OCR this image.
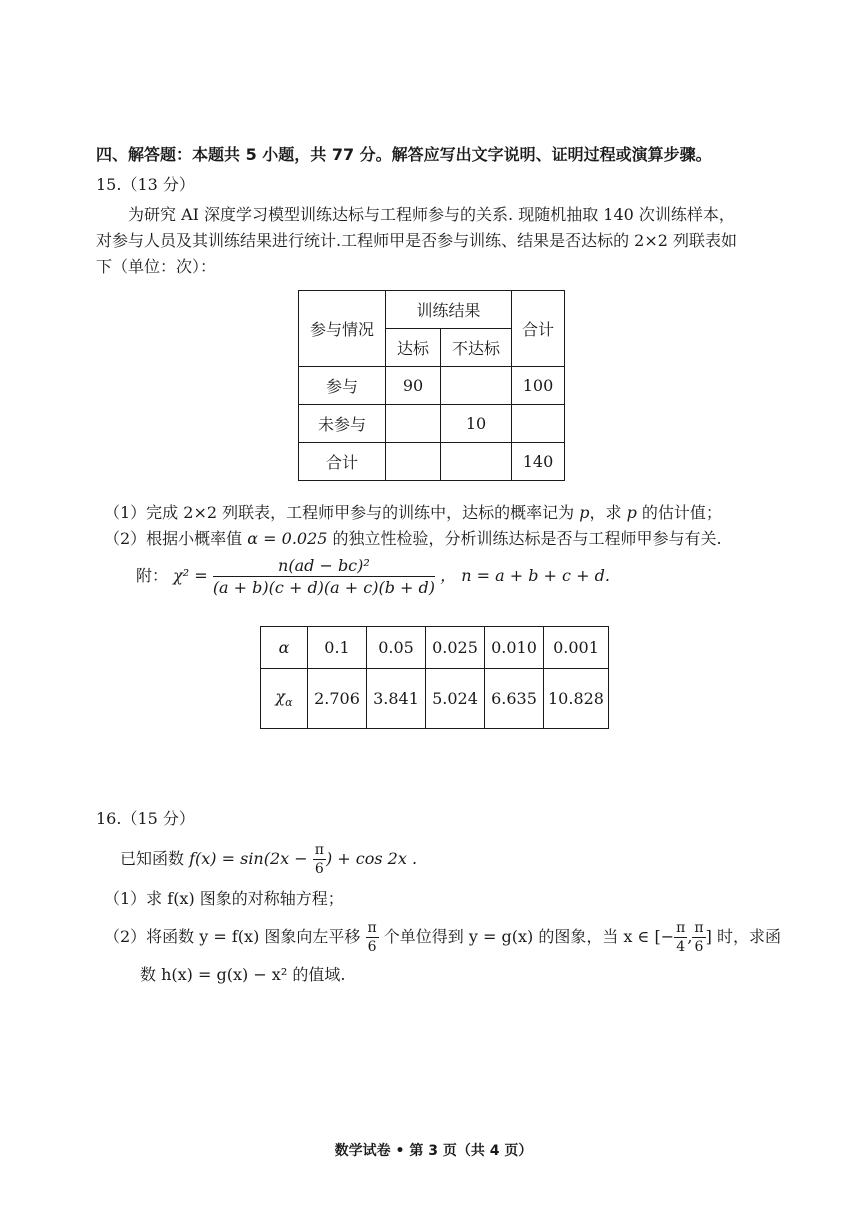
四、解答题：本题共 5 小题，共 77 分。解答应写出文字说明、证明过程或演算步骤。
15.（13 分）
为研究 AI 深度学习模型训练达标与工程师参与的关系. 现随机抽取 140 次训练样本，
对参与人员及其训练结果进行统计.工程师甲是否参与训练、结果是否达标的 2×2 列联表如
下（单位：次）：
参与情况	训练结果		合计
	达标	不达标	
参与	90		100
未参与		10	
合计			140
（1）完成 2×2 列联表，工程师甲参与的训练中，达标的概率记为 p，求 p 的估计值；
（2）根据小概率值 α = 0.025 的独立性检验，分析训练达标是否与工程师甲参与有关.
附： $\chi^2 = \frac{\text{n(ad − bc)²}}{(a + b)(c + d)(a + c)(b + d)}$ ， n = a + b + c + d.
α	0.1	0.05	0.025	0.010	0.001
$\chi_\alpha$	2.706	3.841	5.024	6.635	10.828
16.（15 分）
已知函数 $f(x) = \sin(2x - \frac{\pi}{6}$ ) + cos 2x .
（1）求 f(x) 图象的对称轴方程；
（2）将函数 y = f(x) 图象向左平移 $\frac{\pi}{6}$ 个单位得到 y = g(x) 的图象，当 x ∈ [− $\frac{\pi}{4}$ , $\frac{\pi}{6}$ ] 时，求函
数 h(x) = g(x) − x² 的值域.
数学试卷 • 第 3 页（共 4 页）
